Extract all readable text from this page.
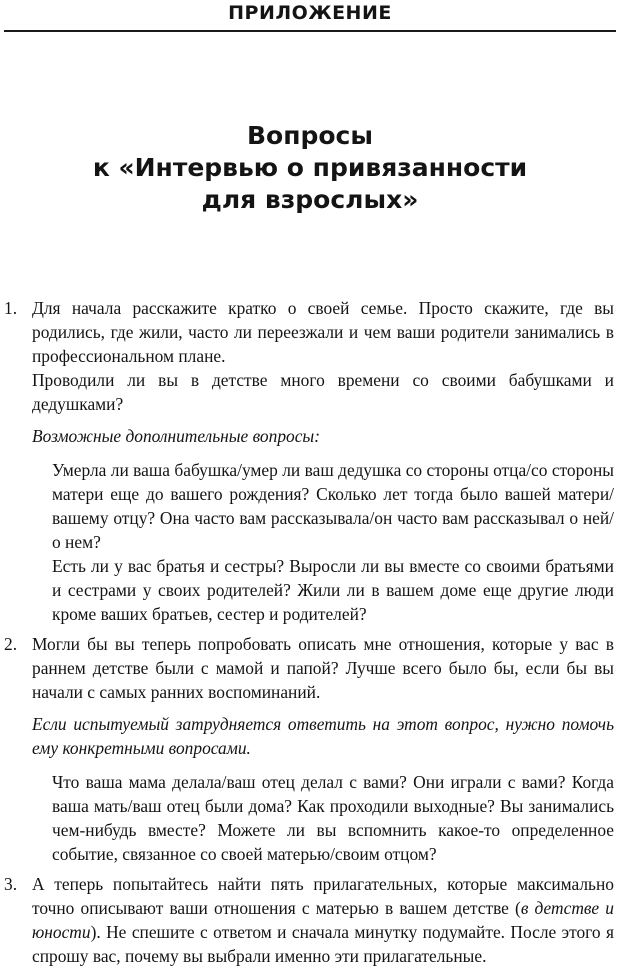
ПРИЛОЖЕНИЕ
Вопросы
к «Интервью о привязанности
для взрослых»
1. Для начала расскажите кратко о своей семье. Просто скажите, где вы родились, где жили, часто ли переезжали и чем ваши родители занимались в профессиональном плане.

Проводили ли вы в детстве много времени со своими бабушками и дедушками?

Возможные дополнительные вопросы:

Умерла ли ваша бабушка/умер ли ваш дедушка со стороны отца/со стороны матери еще до вашего рождения? Сколько лет тогда было вашей матери/вашему отцу? Она часто вам рассказывала/он часто вам рассказывал о ней/о нем?

Есть ли у вас братья и сестры? Выросли ли вы вместе со своими братьями и сестрами у своих родителей? Жили ли в вашем доме еще другие люди кроме ваших братьев, сестер и родителей?

2. Могли бы вы теперь попробовать описать мне отношения, которые у вас в раннем детстве были с мамой и папой? Лучше всего было бы, если бы вы начали с самых ранних воспоминаний.

Если испытуемый затрудняется ответить на этот вопрос, нужно помочь ему конкретными вопросами.

Что ваша мама делала/ваш отец делал с вами? Они играли с вами? Когда ваша мать/ваш отец были дома? Как проходили выходные? Вы занимались чем-нибудь вместе? Можете ли вы вспомнить какое-то определенное событие, связанное со своей матерью/своим отцом?

3. А теперь попытайтесь найти пять прилагательных, которые максимально точно описывают ваши отношения с матерью в вашем детстве (в детстве и юности). Не спешите с ответом и сначала минутку подумайте. После этого я спрошу вас, почему вы выбрали именно эти прилагательные.
